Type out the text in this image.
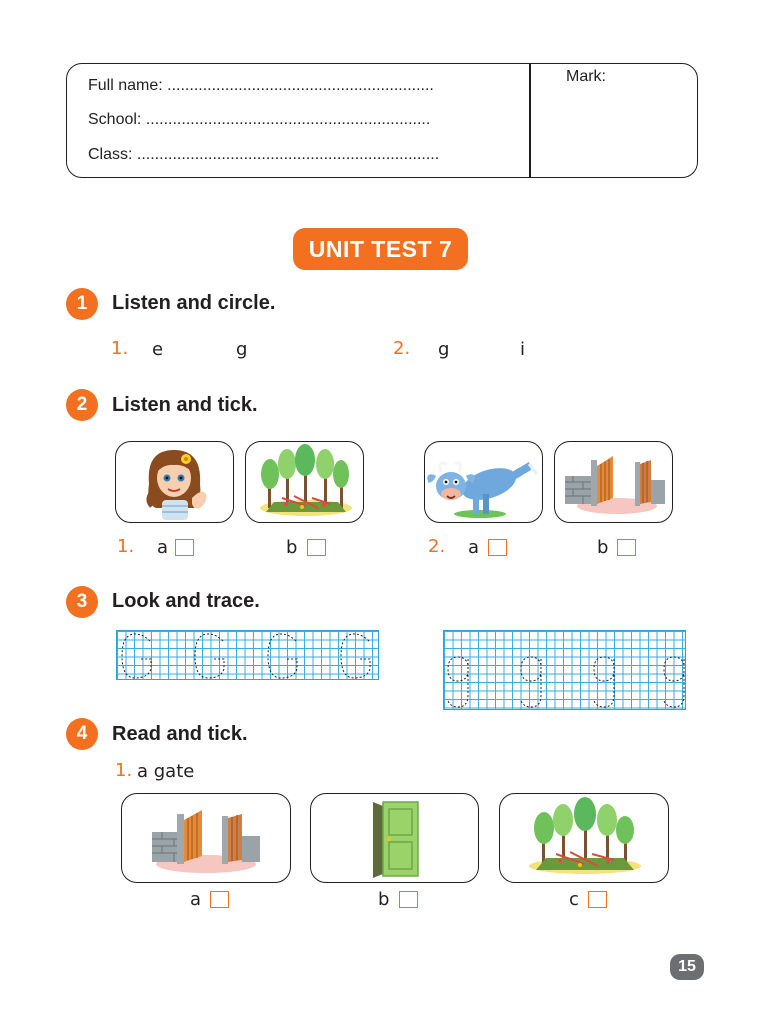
Full name: ............................................................
School: ................................................................
Class: ....................................................................
Mark:
UNIT TEST 7
1	Listen and circle.
1. e	g	2. g	i
2	Listen and tick.
1. a	b	2. a	b
3	Look and trace.
4	Read and tick.
1. a gate
a	b	c
15
